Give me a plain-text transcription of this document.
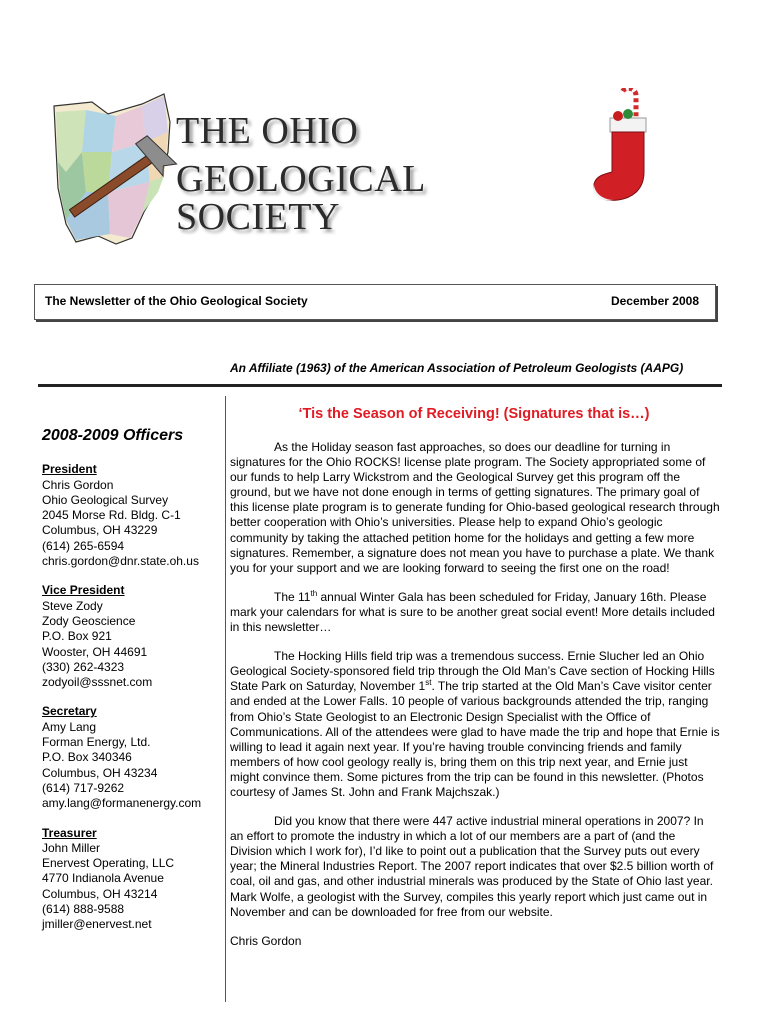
THE OHIO
GEOLOGICAL SOCIETY
The Newsletter of the Ohio Geological Society	December 2008
An Affiliate (1963) of the American Association of Petroleum Geologists (AAPG)
2008-2009 Officers
President
Chris Gordon
Ohio Geological Survey
2045 Morse Rd. Bldg. C-1
Columbus, OH 43229
(614) 265-6594
chris.gordon@dnr.state.oh.us
Vice President
Steve Zody
Zody Geoscience
P.O. Box 921
Wooster, OH 44691
(330) 262-4323
zodyoil@sssnet.com
Secretary
Amy Lang
Forman Energy, Ltd.
P.O. Box 340346
Columbus, OH 43234
(614) 717-9262
amy.lang@formanenergy.com
Treasurer
John Miller
Enervest Operating, LLC
4770 Indianola Avenue
Columbus, OH 43214
(614) 888-9588
jmiller@enervest.net
‘Tis the Season of Receiving! (Signatures that is…)

As the Holiday season fast approaches, so does our deadline for turning in signatures for the Ohio ROCKS! license plate program. The Society appropriated some of our funds to help Larry Wickstrom and the Geological Survey get this program off the ground, but we have not done enough in terms of getting signatures. The primary goal of this license plate program is to generate funding for Ohio-based geological research through better cooperation with Ohio’s universities. Please help to expand Ohio’s geologic community by taking the attached petition home for the holidays and getting a few more signatures. Remember, a signature does not mean you have to purchase a plate. We thank you for your support and we are looking forward to seeing the first one on the road!

The 11th annual Winter Gala has been scheduled for Friday, January 16th. Please mark your calendars for what is sure to be another great social event! More details included in this newsletter…

The Hocking Hills field trip was a tremendous success. Ernie Slucher led an Ohio Geological Society-sponsored field trip through the Old Man’s Cave section of Hocking Hills State Park on Saturday, November 1st. The trip started at the Old Man’s Cave visitor center and ended at the Lower Falls. 10 people of various backgrounds attended the trip, ranging from Ohio’s State Geologist to an Electronic Design Specialist with the Office of Communications. All of the attendees were glad to have made the trip and hope that Ernie is willing to lead it again next year. If you’re having trouble convincing friends and family members of how cool geology really is, bring them on this trip next year, and Ernie just might convince them. Some pictures from the trip can be found in this newsletter. (Photos courtesy of James St. John and Frank Majchszak.)

Did you know that there were 447 active industrial mineral operations in 2007? In an effort to promote the industry in which a lot of our members are a part of (and the Division which I work for), I’d like to point out a publication that the Survey puts out every year; the Mineral Industries Report. The 2007 report indicates that over $2.5 billion worth of coal, oil and gas, and other industrial minerals was produced by the State of Ohio last year. Mark Wolfe, a geologist with the Survey, compiles this yearly report which just came out in November and can be downloaded for free from our website.

Chris Gordon
